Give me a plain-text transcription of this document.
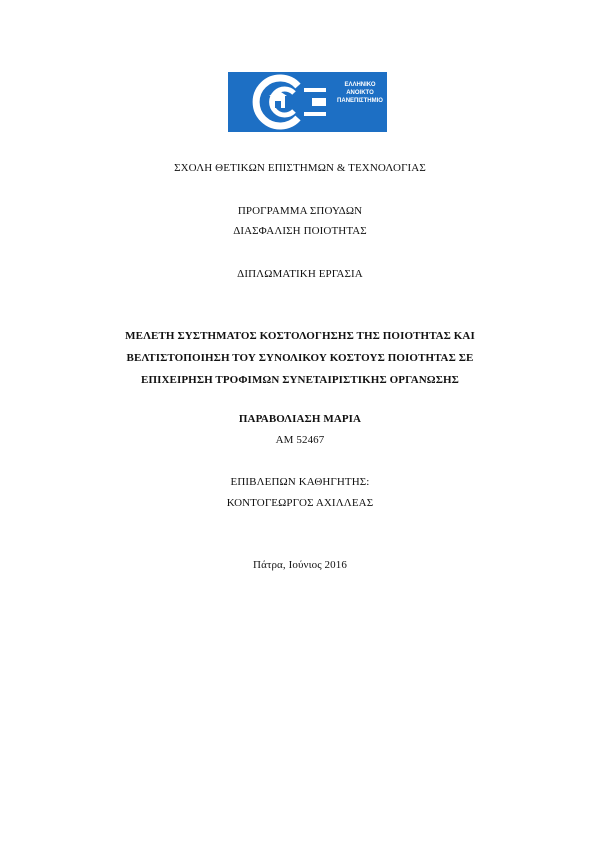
ΕΛΛΗΝΙΚΟ
ΑΝΟΙΚΤΟ
ΠΑΝΕΠΙΣΤΗΜΙΟ
ΣΧΟΛΗ ΘΕΤΙΚΩΝ ΕΠΙΣΤΗΜΩΝ & ΤΕΧΝΟΛΟΓΙΑΣ
ΠΡΟΓΡΑΜΜΑ ΣΠΟΥΔΩΝ
ΔΙΑΣΦΑΛΙΣΗ ΠΟΙΟΤΗΤΑΣ
ΔΙΠΛΩΜΑΤΙΚΗ ΕΡΓΑΣΙΑ
ΜΕΛΕΤΗ ΣΥΣΤΗΜΑΤΟΣ ΚΟΣΤΟΛΟΓΗΣΗΣ ΤΗΣ ΠΟΙΟΤΗΤΑΣ ΚΑΙ
ΒΕΛΤΙΣΤΟΠΟΙΗΣΗ ΤΟΥ ΣΥΝΟΛΙΚΟΥ ΚΟΣΤΟΥΣ ΠΟΙΟΤΗΤΑΣ ΣΕ
ΕΠΙΧΕΙΡΗΣΗ ΤΡΟΦΙΜΩΝ ΣΥΝΕΤΑΙΡΙΣΤΙΚΗΣ ΟΡΓΑΝΩΣΗΣ
ΠΑΡΑΒΟΛΙΑΣΗ ΜΑΡΙΑ
ΑΜ 52467
ΕΠΙΒΛΕΠΩΝ ΚΑΘΗΓΗΤΗΣ:
ΚΟΝΤΟΓΕΩΡΓΟΣ ΑΧΙΛΛΕΑΣ
Πάτρα, Ιούνιος 2016
